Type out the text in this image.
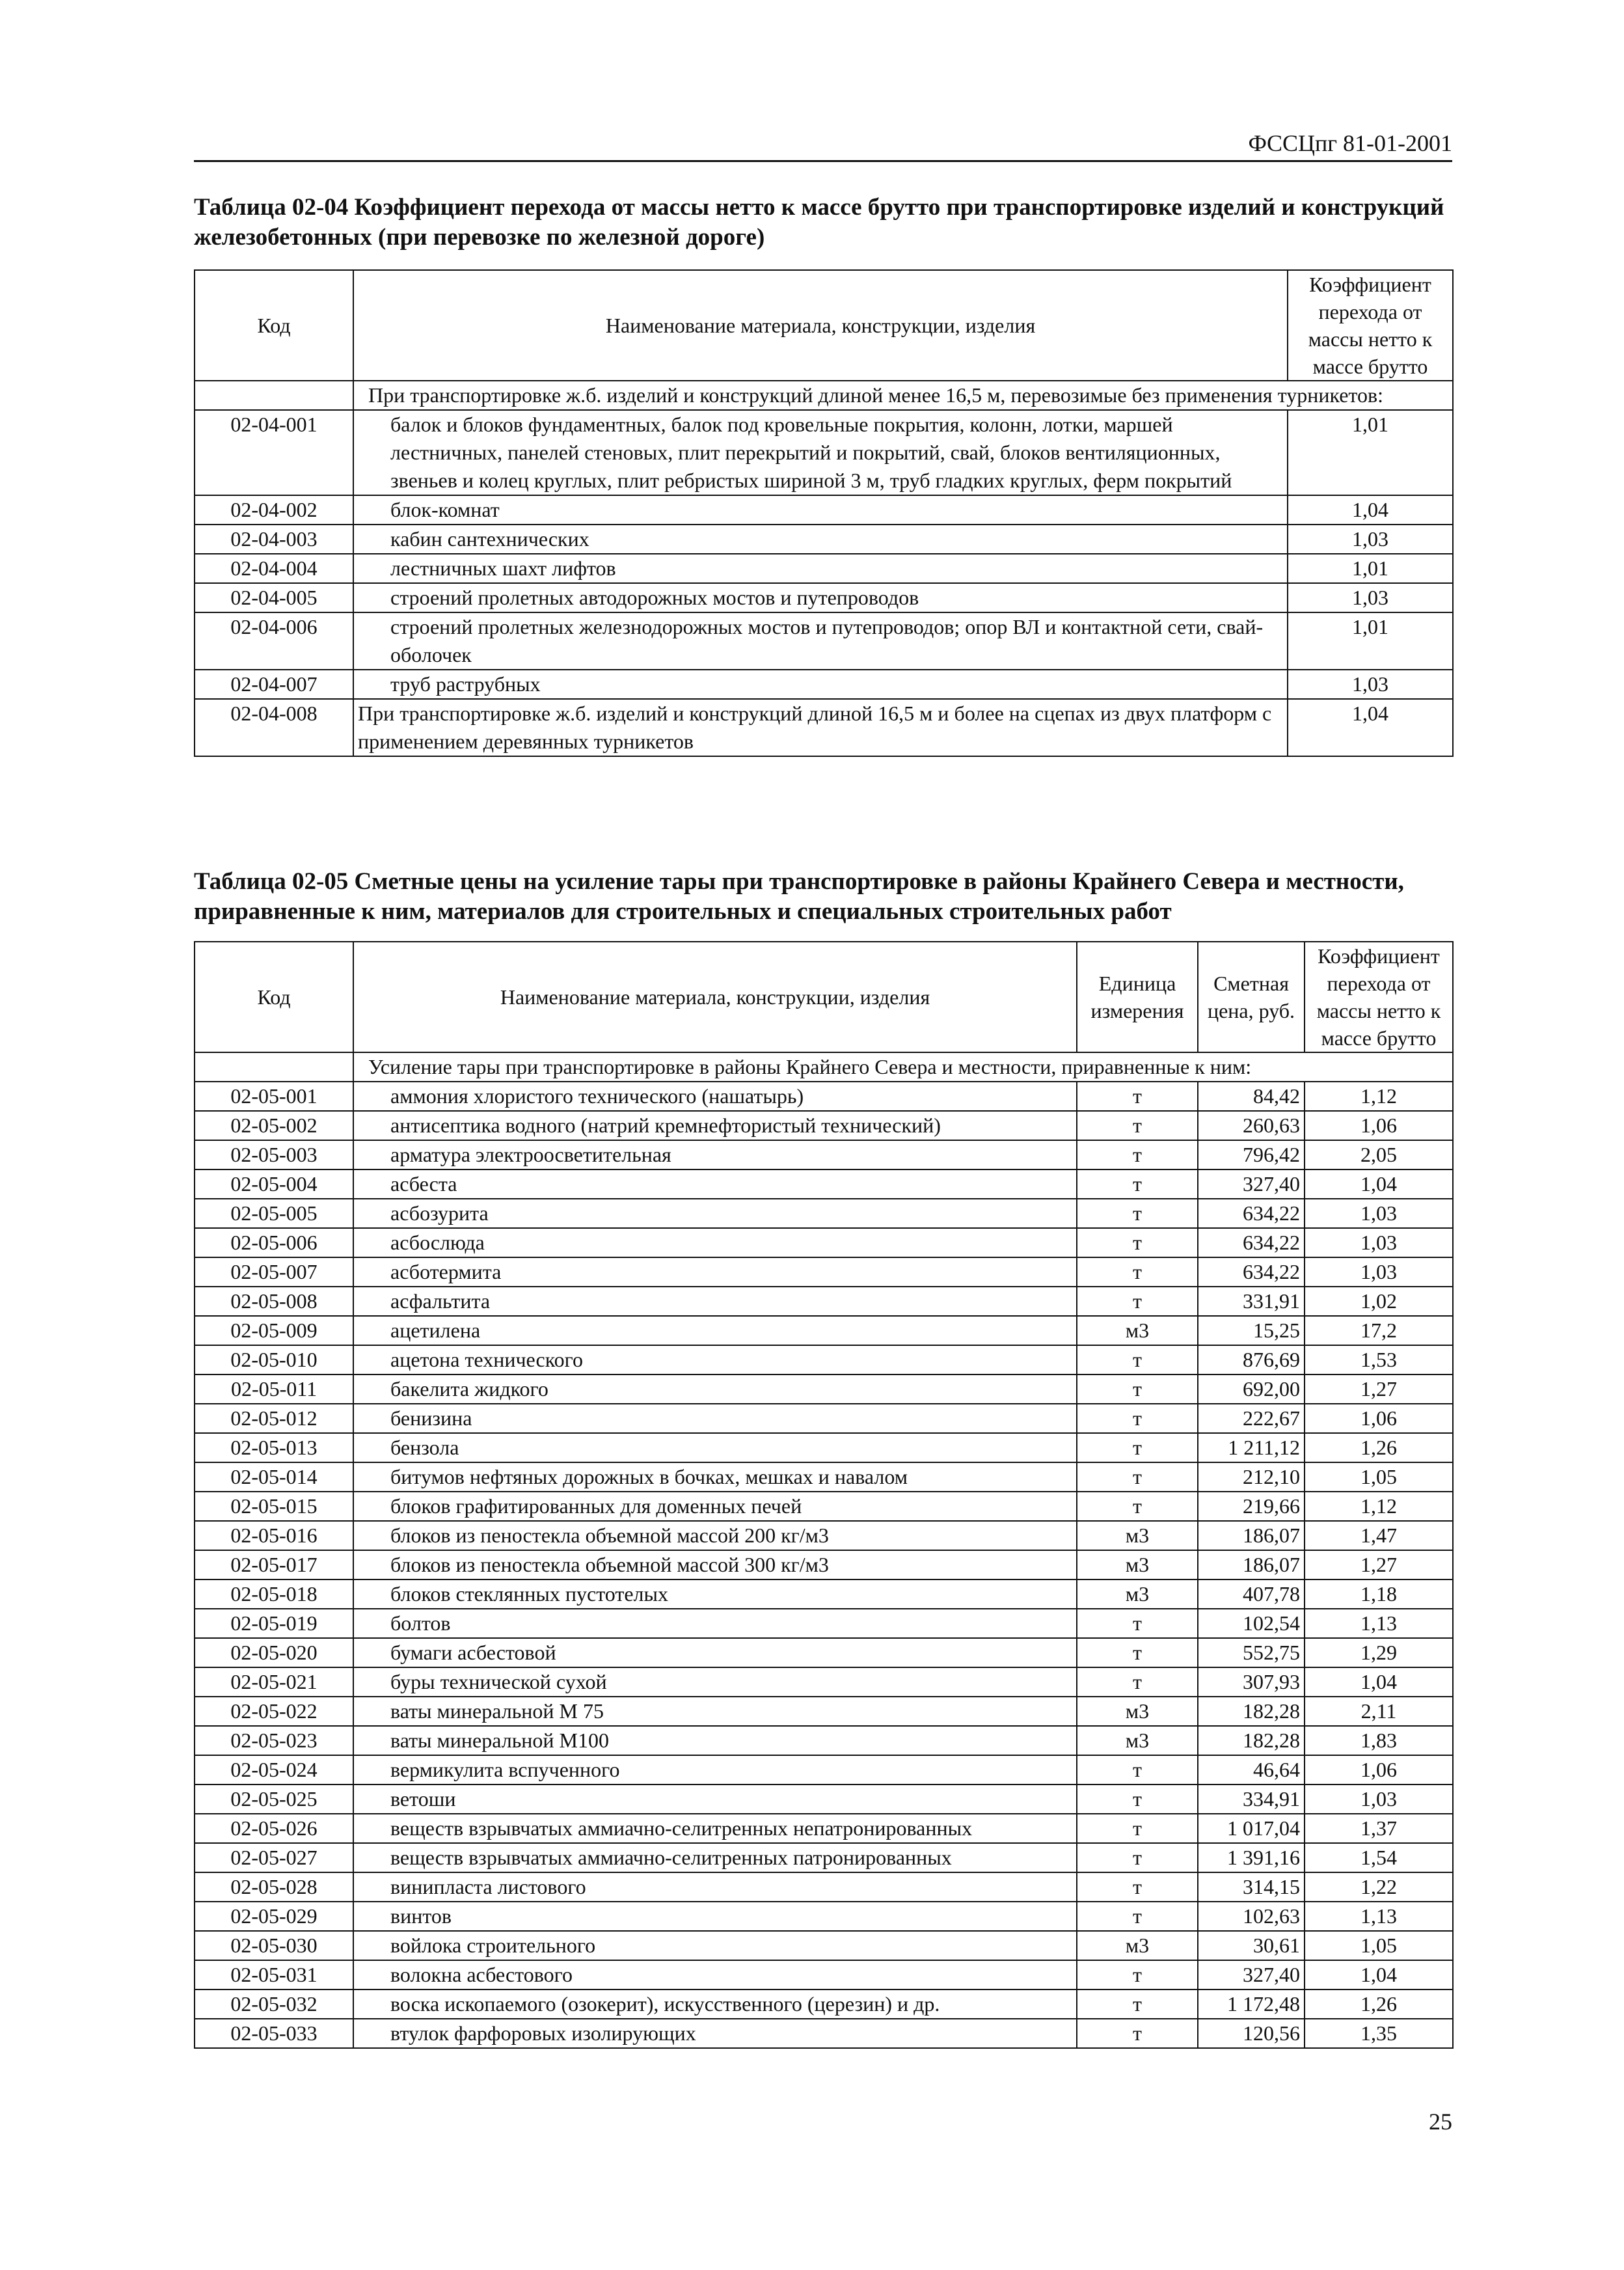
ФССЦпг 81-01-2001
Таблица 02-04 Коэффициент перехода от массы нетто к массе брутто при транспортировке изделий и конструкций железобетонных (при перевозке по железной дороге)
Код	Наименование материала, конструкции, изделия	Коэффициент перехода от массы нетто к массе брутто
	При транспортировке ж.б. изделий и конструкций длиной менее 16,5 м, перевозимые без применения турникетов:	
02-04-001	балок и блоков фундаментных, балок под кровельные покрытия, колонн, лотки, маршей лестничных, панелей стеновых, плит перекрытий и покрытий, свай, блоков вентиляционных, звеньев и колец круглых, плит ребристых шириной 3 м, труб гладких круглых, ферм покрытий	1,01
02-04-002	блок-комнат	1,04
02-04-003	кабин сантехнических	1,03
02-04-004	лестничных шахт лифтов	1,01
02-04-005	строений пролетных автодорожных мостов и путепроводов	1,03
02-04-006	строений пролетных железнодорожных мостов и путепроводов; опор ВЛ и контактной сети, свай-оболочек	1,01
02-04-007	труб раструбных	1,03
02-04-008	При транспортировке ж.б. изделий и конструкций длиной 16,5 м и более на сцепах из двух платформ с применением деревянных турникетов	1,04
Таблица 02-05 Сметные цены на усиление тары при транспортировке в районы Крайнего Севера и местности, приравненные к ним, материалов для строительных и специальных строительных работ
Код	Наименование материала, конструкции, изделия	Единица измерения	Сметная цена, руб.	Коэффициент перехода от массы нетто к массе брутто
	Усиление тары при транспортировке в районы Крайнего Севера и местности, приравненные к ним:			
02-05-001	аммония хлористого технического (нашатырь)	т	84,42	1,12
02-05-002	антисептика водного (натрий кремнефтористый технический)	т	260,63	1,06
02-05-003	арматура электроосветительная	т	796,42	2,05
02-05-004	асбеста	т	327,40	1,04
02-05-005	асбозурита	т	634,22	1,03
02-05-006	асбослюда	т	634,22	1,03
02-05-007	асботермита	т	634,22	1,03
02-05-008	асфальтита	т	331,91	1,02
02-05-009	ацетилена	м3	15,25	17,2
02-05-010	ацетона технического	т	876,69	1,53
02-05-011	бакелита жидкого	т	692,00	1,27
02-05-012	бенизина	т	222,67	1,06
02-05-013	бензола	т	1 211,12	1,26
02-05-014	битумов нефтяных дорожных в бочках, мешках и навалом	т	212,10	1,05
02-05-015	блоков графитированных для доменных печей	т	219,66	1,12
02-05-016	блоков из пеностекла объемной массой 200 кг/м3	м3	186,07	1,47
02-05-017	блоков из пеностекла объемной массой 300 кг/м3	м3	186,07	1,27
02-05-018	блоков стеклянных пустотелых	м3	407,78	1,18
02-05-019	болтов	т	102,54	1,13
02-05-020	бумаги асбестовой	т	552,75	1,29
02-05-021	буры технической сухой	т	307,93	1,04
02-05-022	ваты минеральной М 75	м3	182,28	2,11
02-05-023	ваты минеральной М100	м3	182,28	1,83
02-05-024	вермикулита вспученного	т	46,64	1,06
02-05-025	ветоши	т	334,91	1,03
02-05-026	веществ взрывчатых аммиачно-селитренных непатронированных	т	1 017,04	1,37
02-05-027	веществ взрывчатых аммиачно-селитренных патронированных	т	1 391,16	1,54
02-05-028	винипласта листового	т	314,15	1,22
02-05-029	винтов	т	102,63	1,13
02-05-030	войлока строительного	м3	30,61	1,05
02-05-031	волокна асбестового	т	327,40	1,04
02-05-032	воска ископаемого (озокерит), искусственного (церезин) и др.	т	1 172,48	1,26
02-05-033	втулок фарфоровых изолирующих	т	120,56	1,35
25
